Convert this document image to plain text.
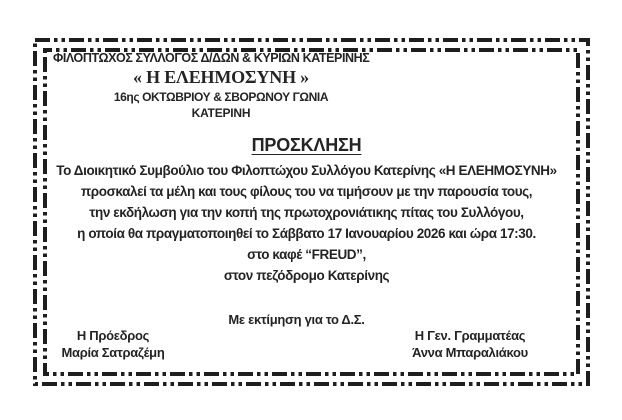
ΦΙΛΟΠΤΩΧΟΣ ΣΥΛΛΟΓΟΣ Δ/ΔΩΝ & ΚΥΡΙΩΝ ΚΑΤΕΡΙΝΗΣ
« Η ΕΛΕΗΜΟΣΥΝΗ »
16ης ΟΚΤΩΒΡΙΟΥ & ΣΒΟΡΩΝΟΥ ΓΩΝΙΑ
ΚΑΤΕΡΙΝΗ
ΠΡΟΣΚΛΗΣΗ
Το Διοικητικό Συμβούλιο του Φιλοπτώχου Συλλόγου Κατερίνης «Η ΕΛΕΗΜΟΣΥΝΗ»
προσκαλεί τα μέλη και τους φίλους του να τιμήσουν με την παρουσία τους,
την εκδήλωση για την κοπή της πρωτοχρονιάτικης πίτας του Συλλόγου,
η οποία θα πραγματοποιηθεί το Σάββατο 17 Ιανουαρίου 2026 και ώρα 17:30.
στο καφέ “FREUD”,
στον πεζόδρομο Κατερίνης
Με εκτίμηση για το Δ.Σ.
Η Πρόεδρος
Μαρία Σατραζέμη
Η Γεν. Γραμματέας
Άννα Μπαραλιάκου
